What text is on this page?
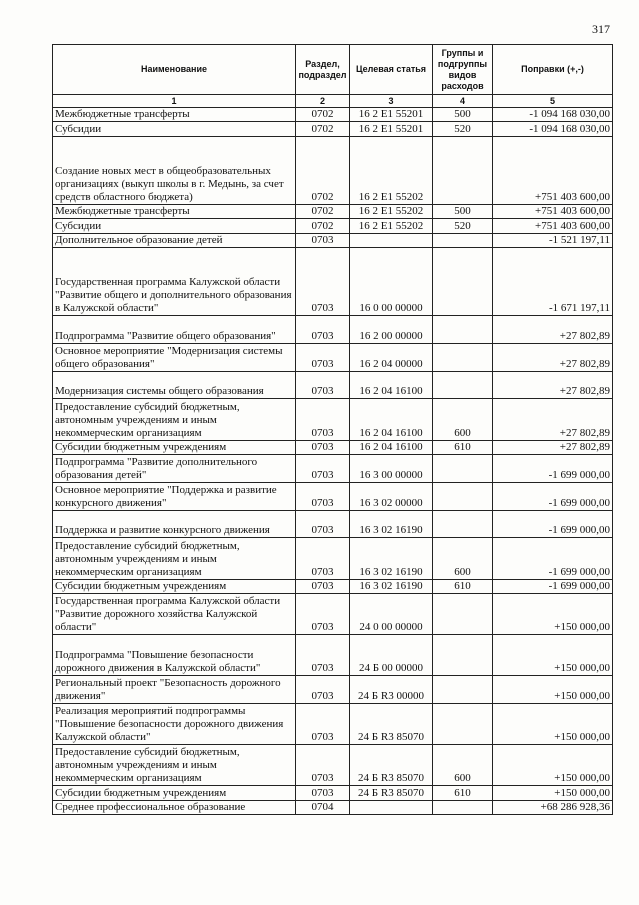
317
Наименование	Раздел, подраздел	Целевая статья	Группы и подгруппы видов расходов	Поправки (+,-)
1	2	3	4	5
Межбюджетные трансферты	0702	16 2 E1 55201	500	-1 094 168 030,00
Субсидии	0702	16 2 E1 55201	520	-1 094 168 030,00
Создание новых мест в общеобразовательных организациях (выкуп школы в г. Медынь, за счет средств областного бюджета)	0702	16 2 E1 55202		+751 403 600,00
Межбюджетные трансферты	0702	16 2 E1 55202	500	+751 403 600,00
Субсидии	0702	16 2 E1 55202	520	+751 403 600,00
Дополнительное образование детей	0703			-1 521 197,11
Государственная программа Калужской области "Развитие общего и дополнительного образования в Калужской области"	0703	16 0 00 00000		-1 671 197,11
Подпрограмма "Развитие общего образования"	0703	16 2 00 00000		+27 802,89
Основное мероприятие "Модернизация системы общего образования"	0703	16 2 04 00000		+27 802,89
Модернизация системы общего образования	0703	16 2 04 16100		+27 802,89
Предоставление субсидий бюджетным, автономным учреждениям и иным некоммерческим организациям	0703	16 2 04 16100	600	+27 802,89
Субсидии бюджетным учреждениям	0703	16 2 04 16100	610	+27 802,89
Подпрограмма "Развитие дополнительного образования детей"	0703	16 3 00 00000		-1 699 000,00
Основное мероприятие "Поддержка и развитие конкурсного движения"	0703	16 3 02 00000		-1 699 000,00
Поддержка и развитие конкурсного движения	0703	16 3 02 16190		-1 699 000,00
Предоставление субсидий бюджетным, автономным учреждениям и иным некоммерческим организациям	0703	16 3 02 16190	600	-1 699 000,00
Субсидии бюджетным учреждениям	0703	16 3 02 16190	610	-1 699 000,00
Государственная программа Калужской области "Развитие дорожного хозяйства Калужской области"	0703	24 0 00 00000		+150 000,00
Подпрограмма "Повышение безопасности дорожного движения в Калужской области"	0703	24 Б 00 00000		+150 000,00
Региональный проект "Безопасность дорожного движения"	0703	24 Б R3 00000		+150 000,00
Реализация мероприятий подпрограммы "Повышение безопасности дорожного движения Калужской области"	0703	24 Б R3 85070		+150 000,00
Предоставление субсидий бюджетным, автономным учреждениям и иным некоммерческим организациям	0703	24 Б R3 85070	600	+150 000,00
Субсидии бюджетным учреждениям	0703	24 Б R3 85070	610	+150 000,00
Среднее профессиональное образование	0704			+68 286 928,36
